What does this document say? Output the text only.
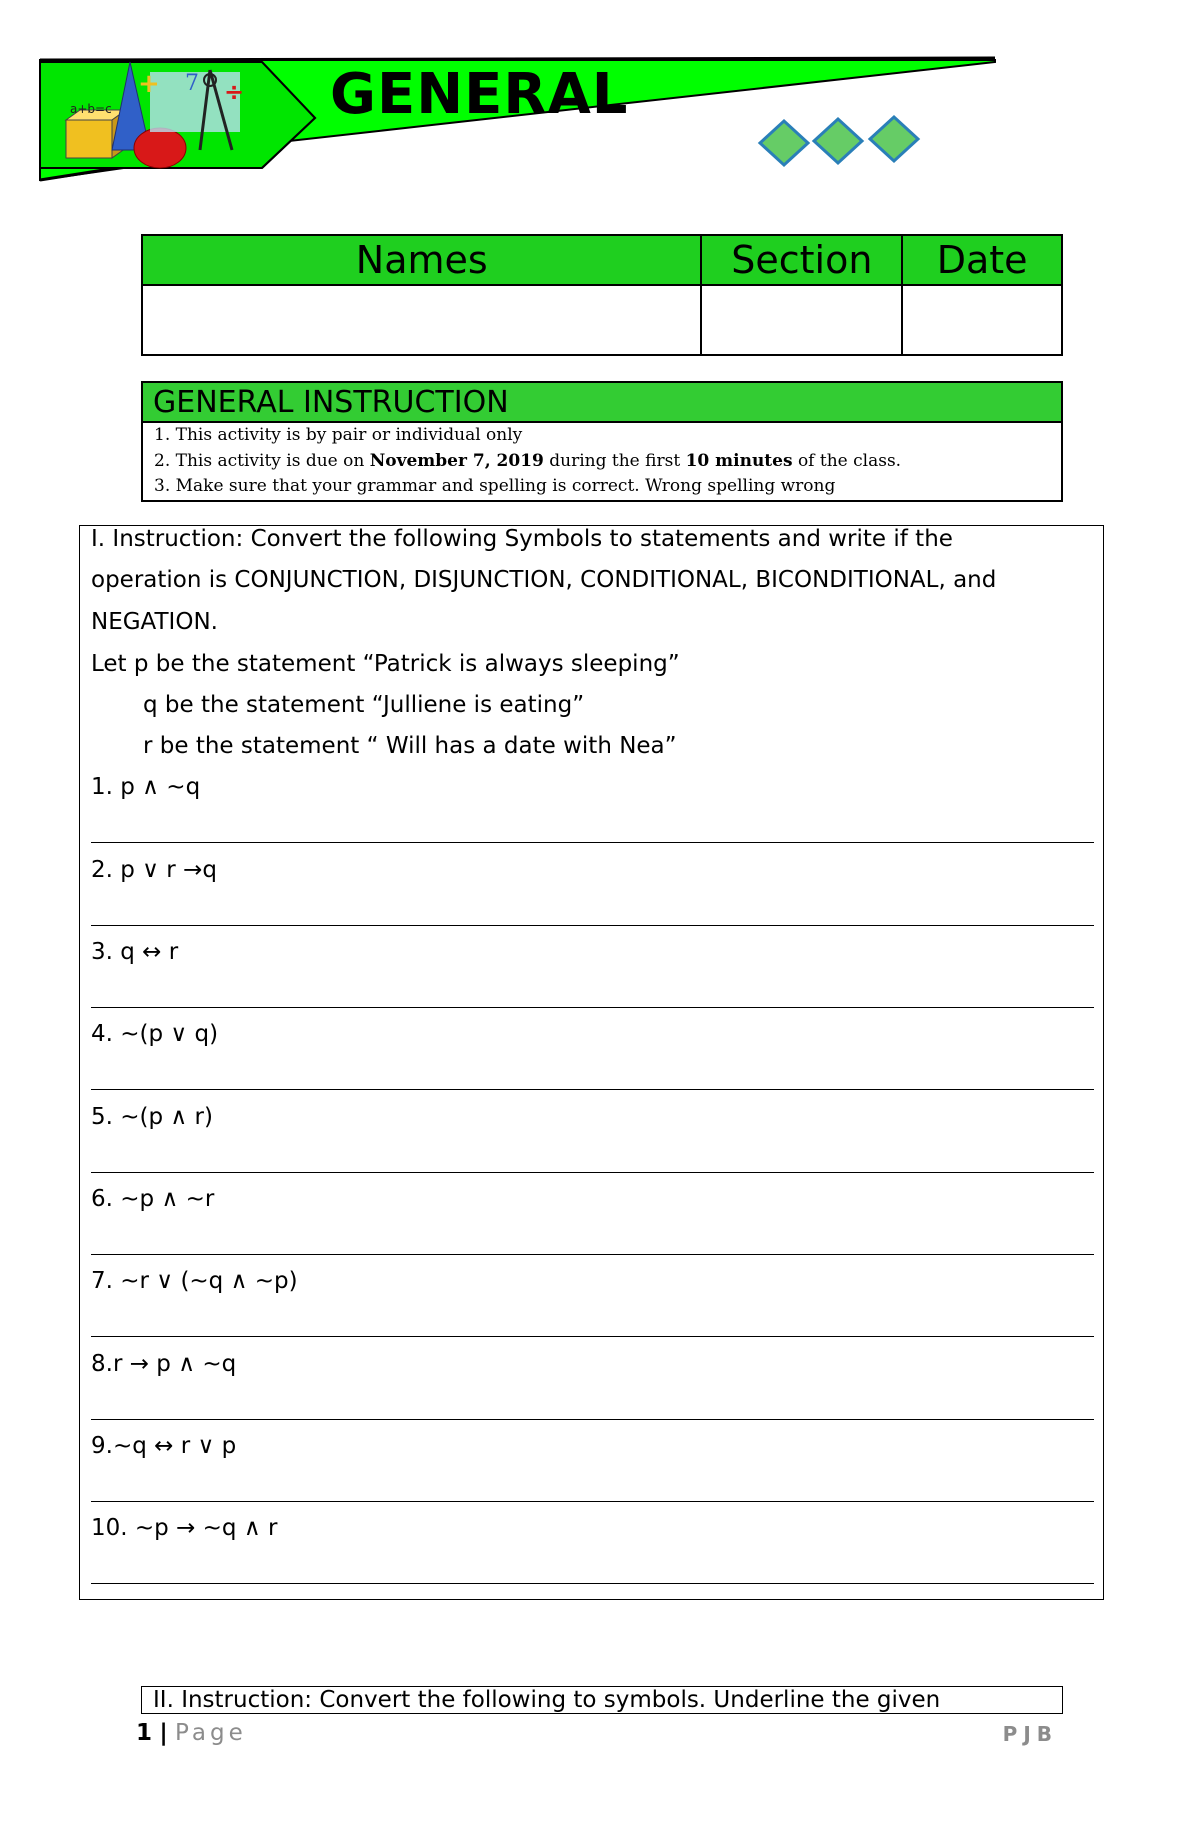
a+b=c
7
+	÷ GENERAL
Names	Section	Date

GENERAL INSTRUCTION
1. This activity is by pair or individual only
2. This activity is due on November 7, 2019 during the first 10 minutes of the class.
3. Make sure that your grammar and spelling is correct. Wrong spelling wrong
I. Instruction: Convert the following Symbols to statements and write if the
operation is CONJUNCTION, DISJUNCTION, CONDITIONAL, BICONDITIONAL, and
NEGATION.
Let p be the statement “Patrick is always sleeping”
q be the statement “Julliene is eating”
r be the statement “ Will has a date with Nea”
1. p ∧ ~q
2. p ∨ r →q
3. q ↔ r
4. ~(p ∨ q)
5. ~(p ∧ r)
6. ~p ∧ ~r
7. ~r ∨ (~q ∧ ~p)
8.r → p ∧ ~q
9.~q ↔ r ∨ p
10. ~p → ~q ∧ r
II. Instruction: Convert the following to symbols. Underline the given
1 | Page	PJB
